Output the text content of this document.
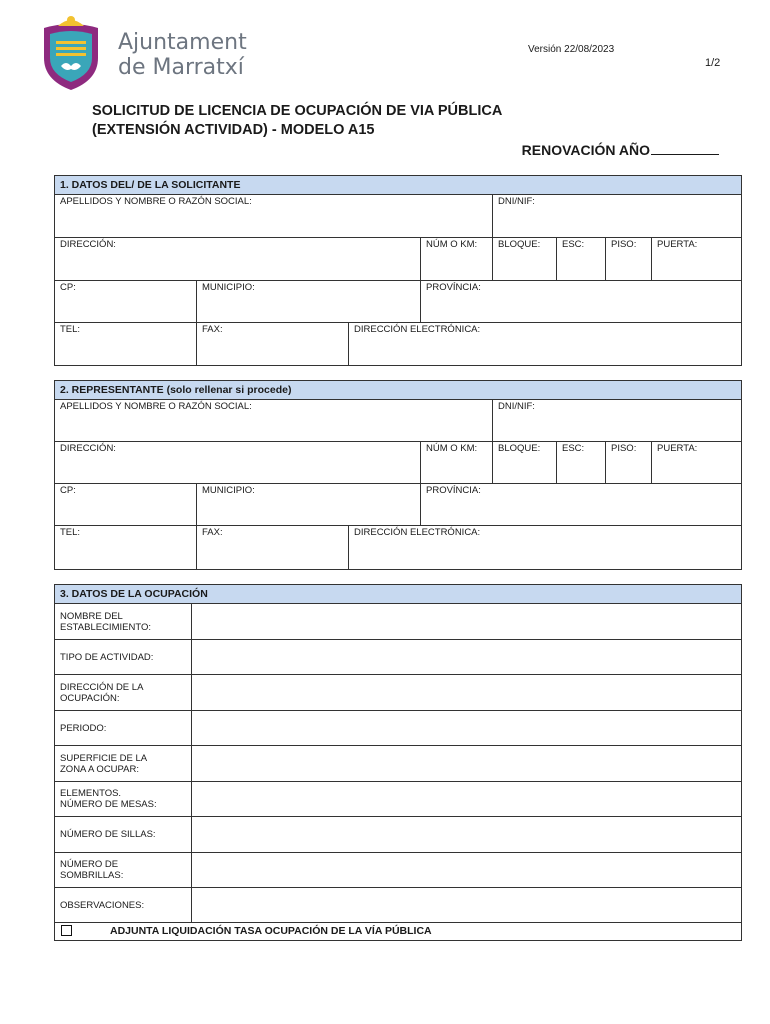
Ajuntament
de Marratxí
Versión 22/08/2023
1/2
SOLICITUD DE LICENCIA DE OCUPACIÓN DE VIA PÚBLICA
(EXTENSIÓN ACTIVIDAD) - MODELO A15
RENOVACIÓN AÑO
1. DATOS DEL/ DE LA SOLICITANTE
APELLIDOS Y NOMBRE O RAZÓN SOCIAL:	DNI/NIF:
DIRECCIÓN:	NÚM O KM:	BLOQUE:	ESC:	PISO:	PUERTA:
CP:	MUNICIPIO:	PROVÍNCIA:
TEL:	FAX:	DIRECCIÓN ELECTRÓNICA:
2. REPRESENTANTE (solo rellenar si procede)
APELLIDOS Y NOMBRE O RAZÓN SOCIAL:	DNI/NIF:
DIRECCIÓN:	NÚM O KM:	BLOQUE:	ESC:	PISO:	PUERTA:
CP:	MUNICIPIO:	PROVÍNCIA:
TEL:	FAX:	DIRECCIÓN ELECTRÓNICA:
3. DATOS DE LA OCUPACIÓN
NOMBRE DEL
ESTABLECIMIENTO:
TIPO DE ACTIVIDAD:
DIRECCIÓN DE LA
OCUPACIÓN:
PERIODO:
SUPERFICIE DE LA
ZONA A OCUPAR:
ELEMENTOS.
NÚMERO DE MESAS:
NÚMERO DE SILLAS:
NÚMERO DE
SOMBRILLAS:
OBSERVACIONES:
ADJUNTA LIQUIDACIÓN TASA OCUPACIÓN DE LA VÍA PÚBLICA
